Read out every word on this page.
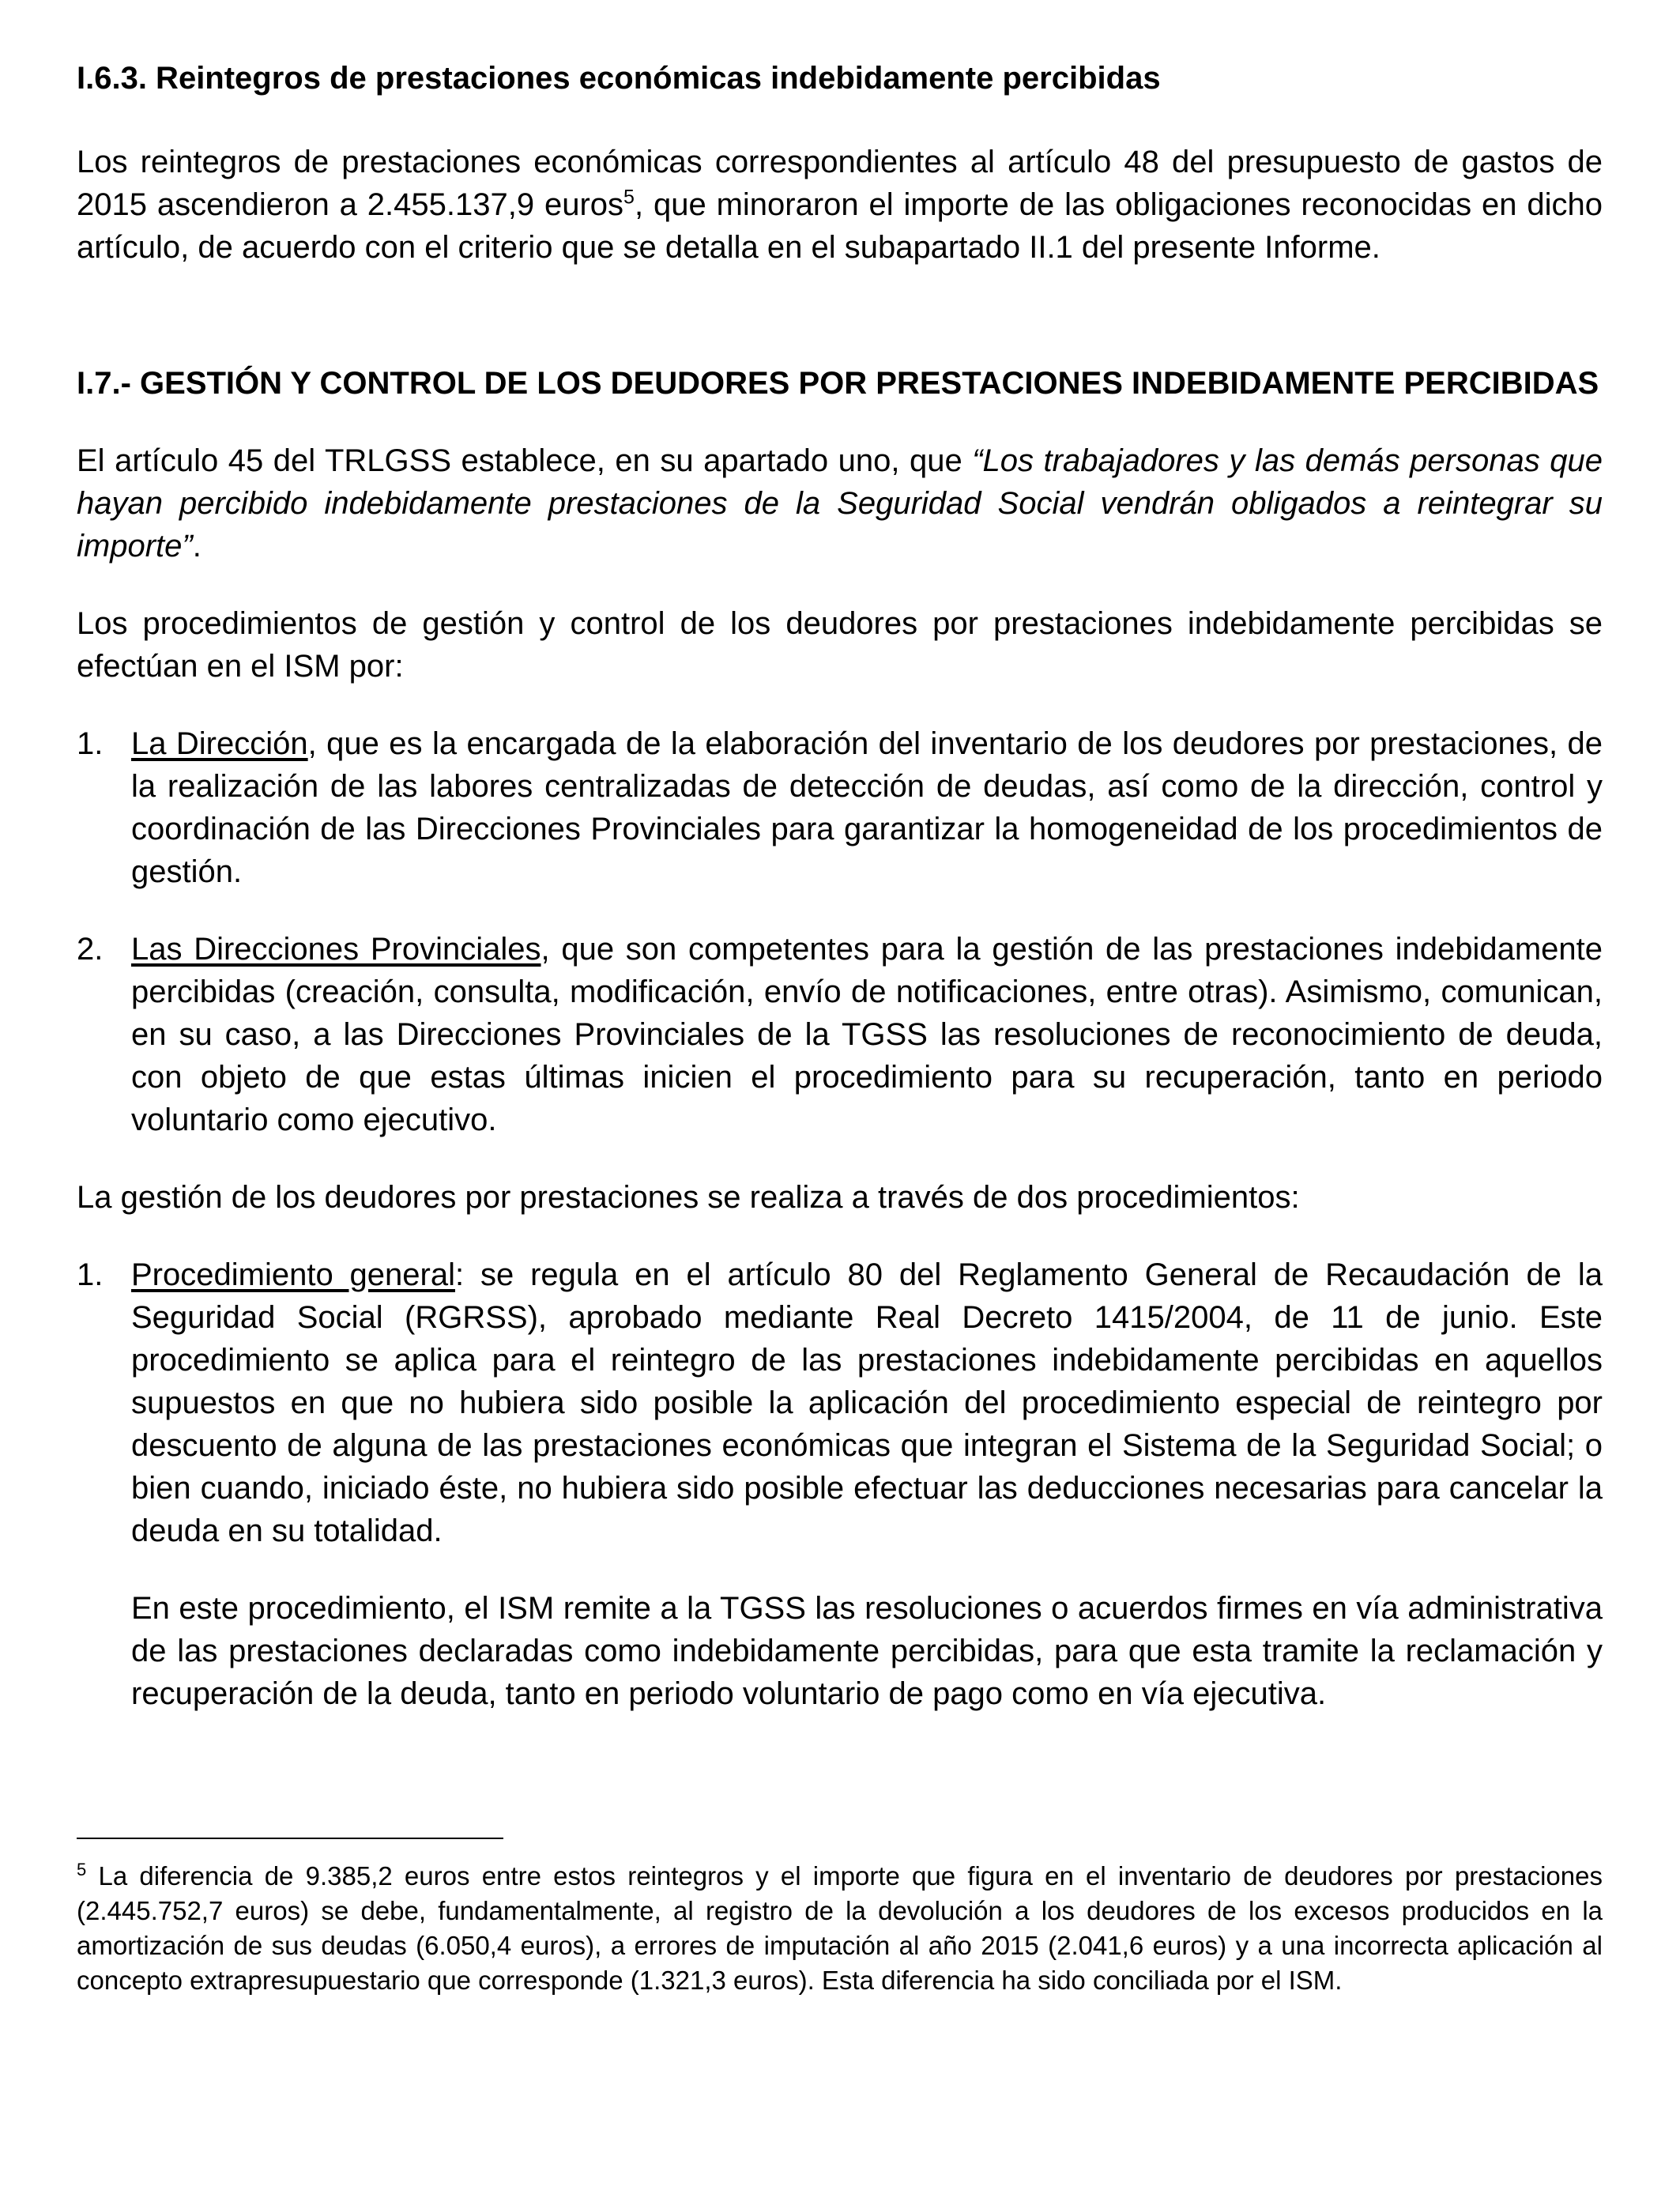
I.6.3. Reintegros de prestaciones económicas indebidamente percibidas

Los reintegros de prestaciones económicas correspondientes al artículo 48 del presupuesto de gastos de 2015 ascendieron a 2.455.137,9 euros$^5$, que minoraron el importe de las obligaciones reconocidas en dicho artículo, de acuerdo con el criterio que se detalla en el subapartado II.1 del presente Informe.

I.7.- GESTIÓN Y CONTROL DE LOS DEUDORES POR PRESTACIONES INDEBIDAMENTE PERCIBIDAS

El artículo 45 del TRLGSS establece, en su apartado uno, que “Los trabajadores y las demás personas que hayan percibido indebidamente prestaciones de la Seguridad Social vendrán obligados a reintegrar su importe”.

Los procedimientos de gestión y control de los deudores por prestaciones indebidamente percibidas se efectúan en el ISM por:

1. La Dirección, que es la encargada de la elaboración del inventario de los deudores por prestaciones, de la realización de las labores centralizadas de detección de deudas, así como de la dirección, control y coordinación de las Direcciones Provinciales para garantizar la homogeneidad de los procedimientos de gestión.
2. Las Direcciones Provinciales, que son competentes para la gestión de las prestaciones indebidamente percibidas (creación, consulta, modificación, envío de notificaciones, entre otras). Asimismo, comunican, en su caso, a las Direcciones Provinciales de la TGSS las resoluciones de reconocimiento de deuda, con objeto de que estas últimas inicien el procedimiento para su recuperación, tanto en periodo voluntario como ejecutivo.

La gestión de los deudores por prestaciones se realiza a través de dos procedimientos:

1. Procedimiento general: se regula en el artículo 80 del Reglamento General de Recaudación de la Seguridad Social (RGRSS), aprobado mediante Real Decreto 1415/2004, de 11 de junio. Este procedimiento se aplica para el reintegro de las prestaciones indebidamente percibidas en aquellos supuestos en que no hubiera sido posible la aplicación del procedimiento especial de reintegro por descuento de alguna de las prestaciones económicas que integran el Sistema de la Seguridad Social; o bien cuando, iniciado éste, no hubiera sido posible efectuar las deducciones necesarias para cancelar la deuda en su totalidad.

En este procedimiento, el ISM remite a la TGSS las resoluciones o acuerdos firmes en vía administrativa de las prestaciones declaradas como indebidamente percibidas, para que esta tramite la reclamación y recuperación de la deuda, tanto en periodo voluntario de pago como en vía ejecutiva.

$^5$ La diferencia de 9.385,2 euros entre estos reintegros y el importe que figura en el inventario de deudores por prestaciones (2.445.752,7 euros) se debe, fundamentalmente, al registro de la devolución a los deudores de los excesos producidos en la amortización de sus deudas (6.050,4 euros), a errores de imputación al año 2015 (2.041,6 euros) y a una incorrecta aplicación al concepto extrapresupuestario que corresponde (1.321,3 euros). Esta diferencia ha sido conciliada por el ISM.
